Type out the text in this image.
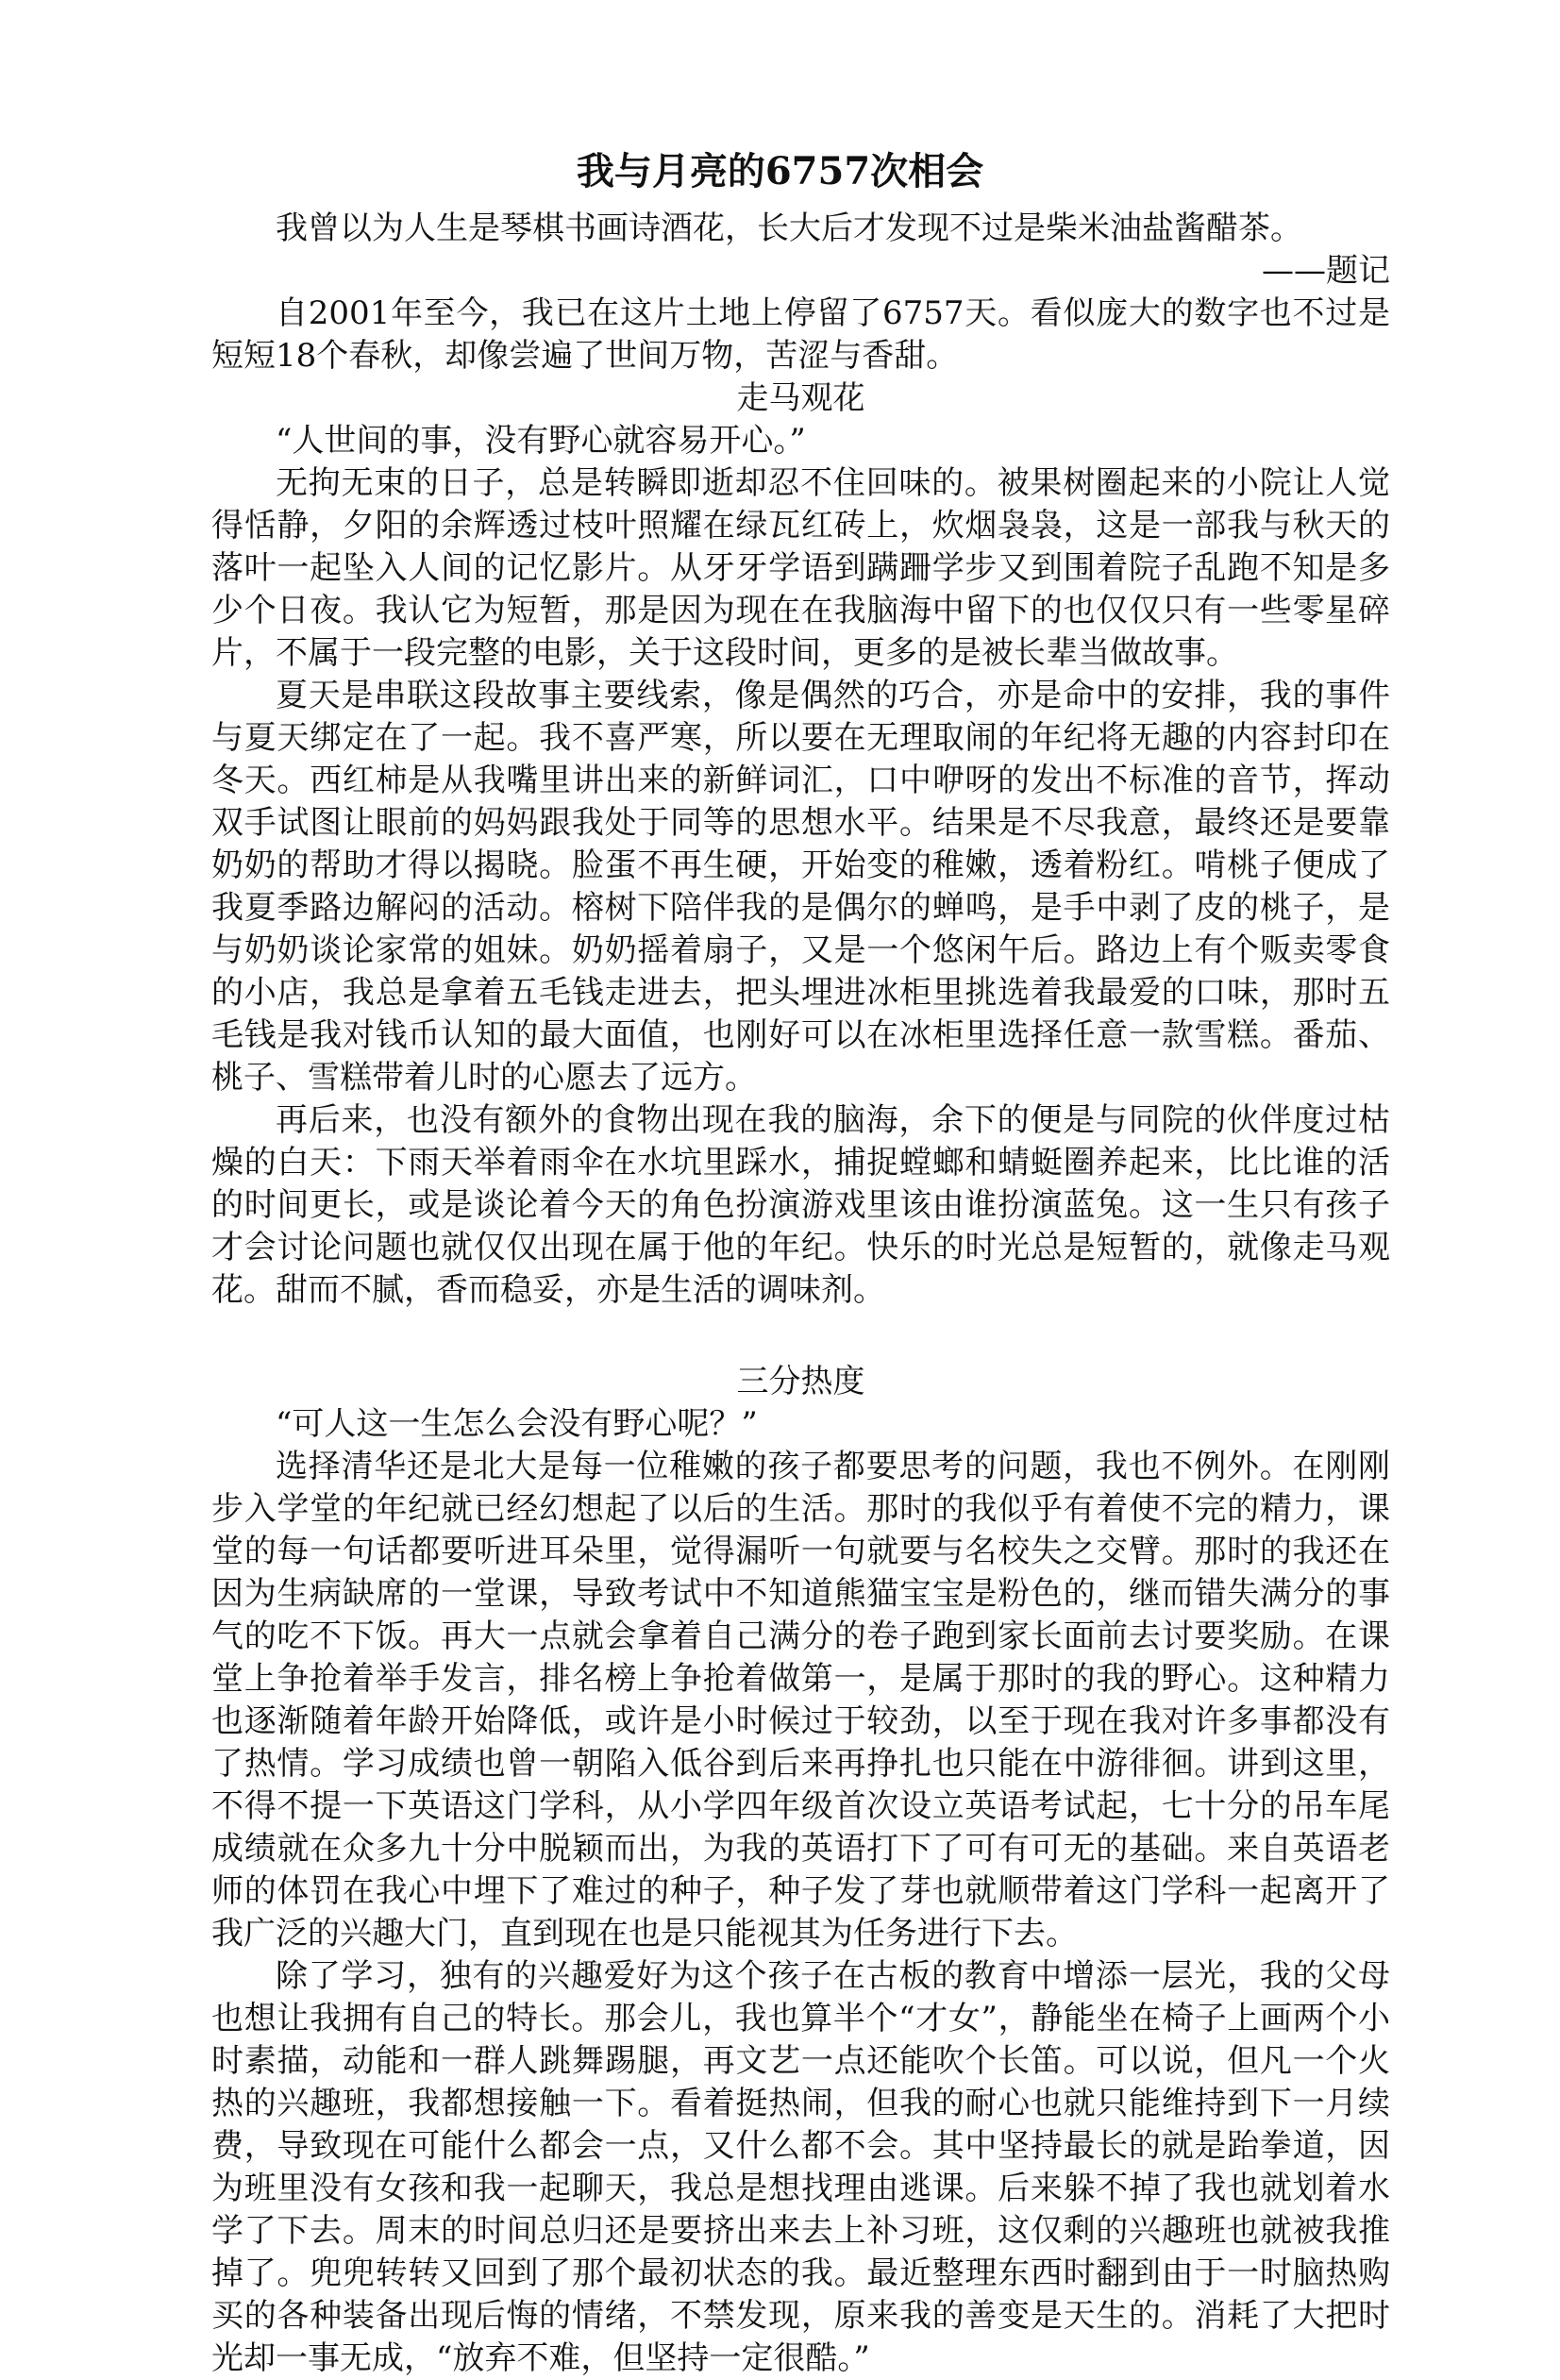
我与月亮的6757次相会

我曾以为人生是琴棋书画诗酒花，长大后才发现不过是柴米油盐酱醋茶。

——题记

自2001年至今，我已在这片土地上停留了6757天。看似庞大的数字也不过是短短18个春秋，却像尝遍了世间万物，苦涩与香甜。

走马观花

“人世间的事，没有野心就容易开心。”

无拘无束的日子，总是转瞬即逝却忍不住回味的。被果树圈起来的小院让人觉得恬静，夕阳的余辉透过枝叶照耀在绿瓦红砖上，炊烟袅袅，这是一部我与秋天的落叶一起坠入人间的记忆影片。从牙牙学语到蹒跚学步又到围着院子乱跑不知是多少个日夜。我认它为短暂，那是因为现在在我脑海中留下的也仅仅只有一些零星碎片，不属于一段完整的电影，关于这段时间，更多的是被长辈当做故事。

夏天是串联这段故事主要线索，像是偶然的巧合，亦是命中的安排，我的事件与夏天绑定在了一起。我不喜严寒，所以要在无理取闹的年纪将无趣的内容封印在冬天。西红柿是从我嘴里讲出来的新鲜词汇，口中咿呀的发出不标准的音节，挥动双手试图让眼前的妈妈跟我处于同等的思想水平。结果是不尽我意，最终还是要靠奶奶的帮助才得以揭晓。脸蛋不再生硬，开始变的稚嫩，透着粉红。啃桃子便成了我夏季路边解闷的活动。榕树下陪伴我的是偶尔的蝉鸣，是手中剥了皮的桃子，是与奶奶谈论家常的姐妹。奶奶摇着扇子，又是一个悠闲午后。路边上有个贩卖零食的小店，我总是拿着五毛钱走进去，把头埋进冰柜里挑选着我最爱的口味，那时五毛钱是我对钱币认知的最大面值，也刚好可以在冰柜里选择任意一款雪糕。番茄、桃子、雪糕带着儿时的心愿去了远方。

再后来，也没有额外的食物出现在我的脑海，余下的便是与同院的伙伴度过枯燥的白天：下雨天举着雨伞在水坑里踩水，捕捉螳螂和蜻蜓圈养起来，比比谁的活的时间更长，或是谈论着今天的角色扮演游戏里该由谁扮演蓝兔。这一生只有孩子才会讨论问题也就仅仅出现在属于他的年纪。快乐的时光总是短暂的，就像走马观花。甜而不腻，香而稳妥，亦是生活的调味剂。

三分热度

“可人这一生怎么会没有野心呢？”

选择清华还是北大是每一位稚嫩的孩子都要思考的问题，我也不例外。在刚刚步入学堂的年纪就已经幻想起了以后的生活。那时的我似乎有着使不完的精力，课堂的每一句话都要听进耳朵里，觉得漏听一句就要与名校失之交臂。那时的我还在因为生病缺席的一堂课，导致考试中不知道熊猫宝宝是粉色的，继而错失满分的事气的吃不下饭。再大一点就会拿着自己满分的卷子跑到家长面前去讨要奖励。在课堂上争抢着举手发言，排名榜上争抢着做第一，是属于那时的我的野心。这种精力也逐渐随着年龄开始降低，或许是小时候过于较劲，以至于现在我对许多事都没有了热情。学习成绩也曾一朝陷入低谷到后来再挣扎也只能在中游徘徊。讲到这里，不得不提一下英语这门学科，从小学四年级首次设立英语考试起，七十分的吊车尾成绩就在众多九十分中脱颖而出，为我的英语打下了可有可无的基础。来自英语老师的体罚在我心中埋下了难过的种子，种子发了芽也就顺带着这门学科一起离开了我广泛的兴趣大门，直到现在也是只能视其为任务进行下去。

除了学习，独有的兴趣爱好为这个孩子在古板的教育中增添一层光，我的父母也想让我拥有自己的特长。那会儿，我也算半个“才女”，静能坐在椅子上画两个小时素描，动能和一群人跳舞踢腿，再文艺一点还能吹个长笛。可以说，但凡一个火热的兴趣班，我都想接触一下。看着挺热闹，但我的耐心也就只能维持到下一月续费，导致现在可能什么都会一点，又什么都不会。其中坚持最长的就是跆拳道，因为班里没有女孩和我一起聊天，我总是想找理由逃课。后来躲不掉了我也就划着水学了下去。周末的时间总归还是要挤出来去上补习班，这仅剩的兴趣班也就被我推掉了。兜兜转转又回到了那个最初状态的我。最近整理东西时翻到由于一时脑热购买的各种装备出现后悔的情绪，不禁发现，原来我的善变是天生的。消耗了大把时光却一事无成，“放弃不难，但坚持一定很酷。”
